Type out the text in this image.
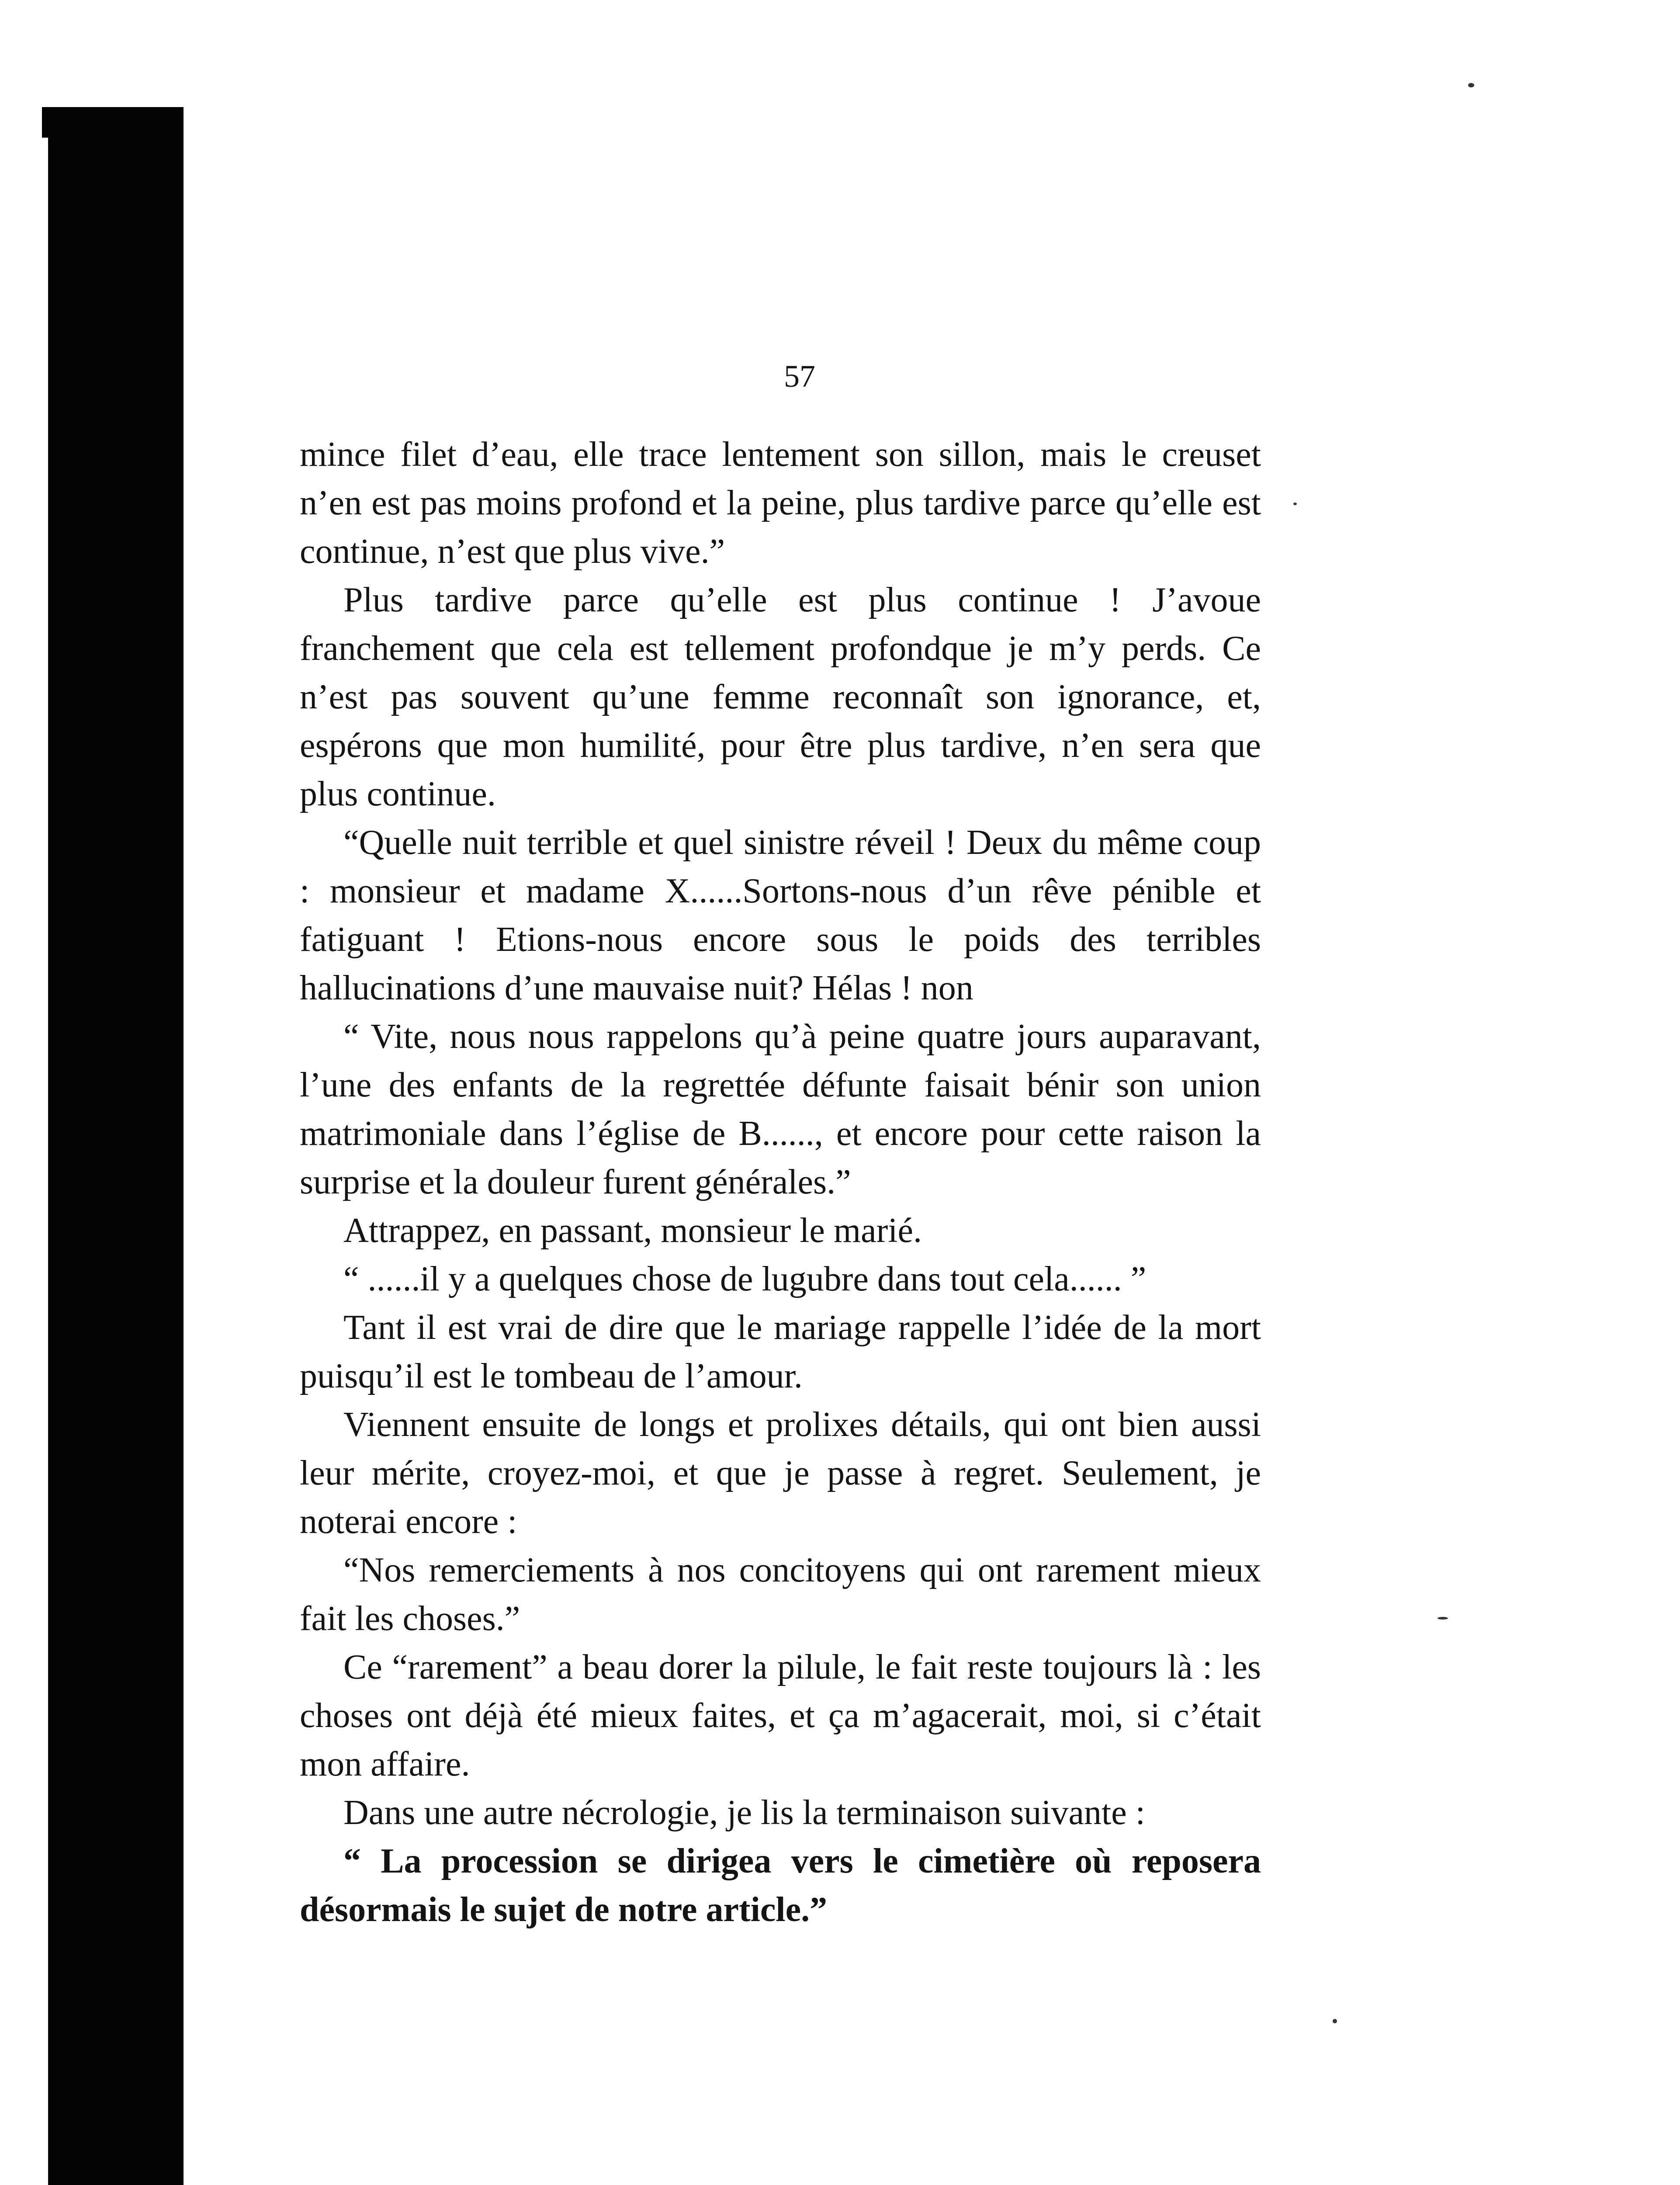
57

mince filet d’eau, elle trace lentement son sillon, mais le creuset n’en est pas moins profond et la peine, plus tardive parce qu’elle est continue, n’est que plus vive.”

Plus tardive parce qu’elle est plus continue ! J’avoue franchement que cela est tellement profondque je m’y perds. Ce n’est pas souvent qu’une femme reconnaît son ignorance, et, espérons que mon humilité, pour être plus tardive, n’en sera que plus continue.

“Quelle nuit terrible et quel sinistre réveil ! Deux du même coup : monsieur et madame X......Sortons-nous d’un rêve pénible et fatiguant ! Etions-nous encore sous le poids des terribles hallucinations d’une mauvaise nuit? Hélas ! non

“ Vite, nous nous rappelons qu’à peine quatre jours auparavant, l’une des enfants de la regrettée défunte faisait bénir son union matrimoniale dans l’église de B......, et encore pour cette raison la surprise et la douleur furent générales.”

Attrappez, en passant, monsieur le marié.

“ ......il y a quelques chose de lugubre dans tout cela...... ”

Tant il est vrai de dire que le mariage rappelle l’idée de la mort puisqu’il est le tombeau de l’amour.

Viennent ensuite de longs et prolixes détails, qui ont bien aussi leur mérite, croyez-moi, et que je passe à regret. Seulement, je noterai encore :

“Nos remerciements à nos concitoyens qui ont rarement mieux fait les choses.”

Ce “rarement” a beau dorer la pilule, le fait reste toujours là : les choses ont déjà été mieux faites, et ça m’agacerait, moi, si c’était mon affaire.

Dans une autre nécrologie, je lis la terminaison suivante :

“ La procession se dirigea vers le cimetière où reposera désormais le sujet de notre article.”
